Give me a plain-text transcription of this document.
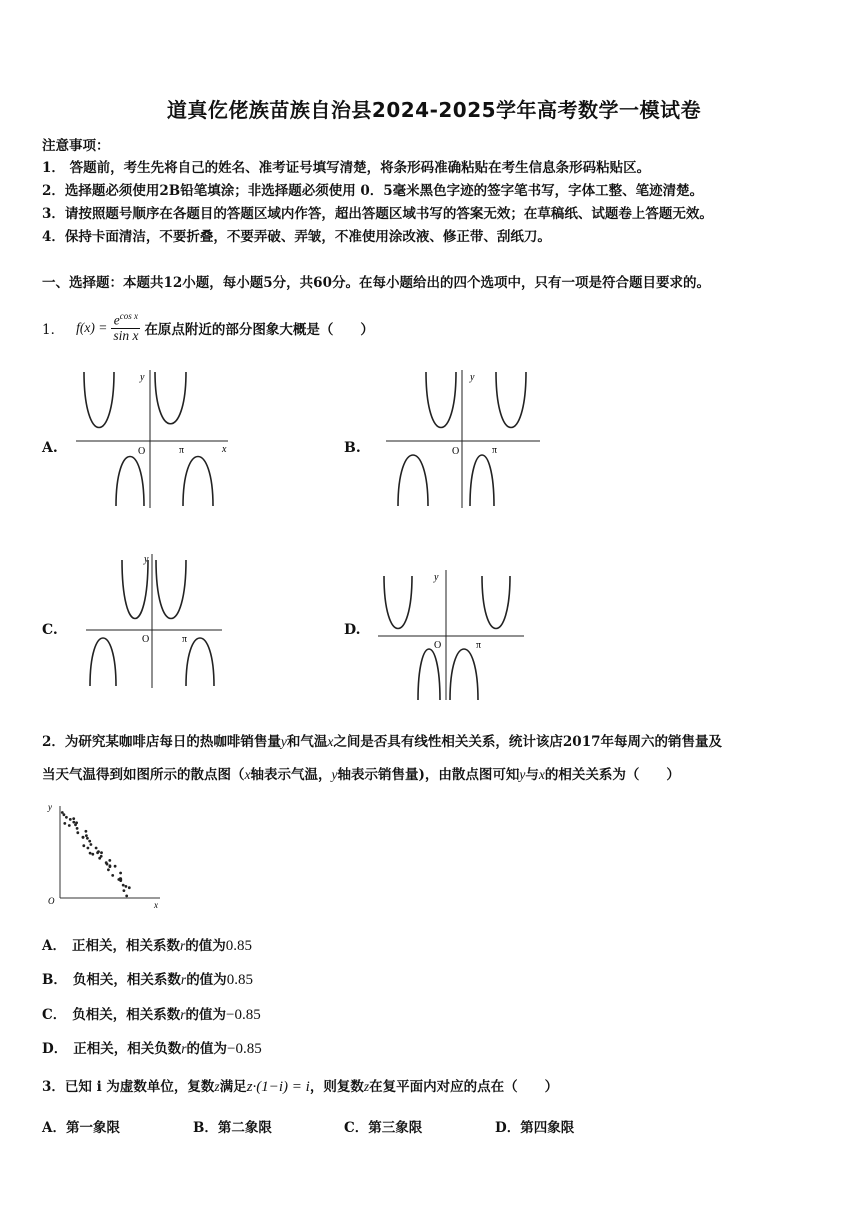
道真仡佬族苗族自治县2024-2025学年高考数学一模试卷
注意事项：
1． 答题前，考生先将自己的姓名、准考证号填写清楚，将条形码准确粘贴在考生信息条形码粘贴区。
2．选择题必须使用2B铅笔填涂；非选择题必须使用 0．5毫米黑色字迹的签字笔书写，字体工整、笔迹清楚。
3．请按照题号顺序在各题目的答题区域内作答，超出答题区域书写的答案无效；在草稿纸、试题卷上答题无效。
4．保持卡面清洁，不要折叠，不要弄破、弄皱，不准使用涂改液、修正带、刮纸刀。
一、选择题：本题共12小题，每小题5分，共60分。在每小题给出的四个选项中，只有一项是符合题目要求的。
1． $f(x) = \frac{e^{cos x}}{\text{sin x}}$ 在原点附近的部分图象大概是（　　）
A.	B.
C.	D.
y
x
O	π
y
O	π
y
O	π
y
O	π
2．为研究某咖啡店每日的热咖啡销售量y和气温x之间是否具有线性相关关系，统计该店2017年每周六的销售量及
当天气温得到如图所示的散点图（x轴表示气温，y轴表示销售量)，由散点图可知y与x的相关关系为（　　）
y
x
O
A． 正相关，相关系数r的值为0.85
B． 负相关，相关系数r的值为0.85
C． 负相关，相关系数r的值为−0.85
D． 正相关，相关负数r的值为−0.85
3．已知 i 为虚数单位，复数z满足z·(1−i) = i，则复数z在复平面内对应的点在（　　）
A．第一象限	B．第二象限	C．第三象限	D．第四象限
